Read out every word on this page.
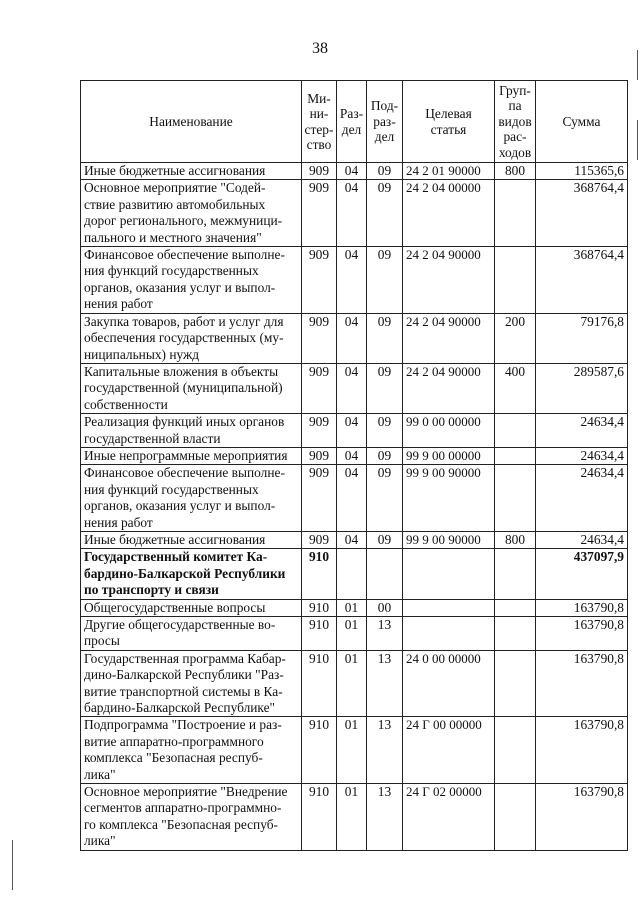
38
Наименование	Ми-
ни-
стер-
ство	Раз-
дел	Под-
раз-
дел	Целевая
статья	Груп-
па
видов
рас-
ходов	Сумма
Иные бюджетные ассигнования	909	04	09	24 2 01 90000	800	115365,6
Основное мероприятие "Содей-
ствие развитию автомобильных
дорог регионального, межмуници-
пального и местного значения"	909	04	09	24 2 04 00000		368764,4
Финансовое обеспечение выполне-
ния функций государственных
органов, оказания услуг и выпол-
нения работ	909	04	09	24 2 04 90000		368764,4
Закупка товаров, работ и услуг для
обеспечения государственных (му-
ниципальных) нужд	909	04	09	24 2 04 90000	200	79176,8
Капитальные вложения в объекты
государственной (муниципальной)
собственности	909	04	09	24 2 04 90000	400	289587,6
Реализация функций иных органов
государственной власти	909	04	09	99 0 00 00000		24634,4
Иные непрограммные мероприятия	909	04	09	99 9 00 00000		24634,4
Финансовое обеспечение выполне-
ния функций государственных
органов, оказания услуг и выпол-
нения работ	909	04	09	99 9 00 90000		24634,4
Иные бюджетные ассигнования	909	04	09	99 9 00 90000	800	24634,4
Государственный комитет Ка-
бардино-Балкарской Республики
по транспорту и связи	910					437097,9
Общегосударственные вопросы	910	01	00			163790,8
Другие общегосударственные во-
просы	910	01	13			163790,8
Государственная программа Кабар-
дино-Балкарской Республики "Раз-
витие транспортной системы в Ка-
бардино-Балкарской Республике"	910	01	13	24 0 00 00000		163790,8
Подпрограмма "Построение и раз-
витие аппаратно-программного
комплекса "Безопасная респуб-
лика"	910	01	13	24 Г 00 00000		163790,8
Основное мероприятие "Внедрение
сегментов аппаратно-программно-
го комплекса "Безопасная респуб-
лика"	910	01	13	24 Г 02 00000		163790,8
